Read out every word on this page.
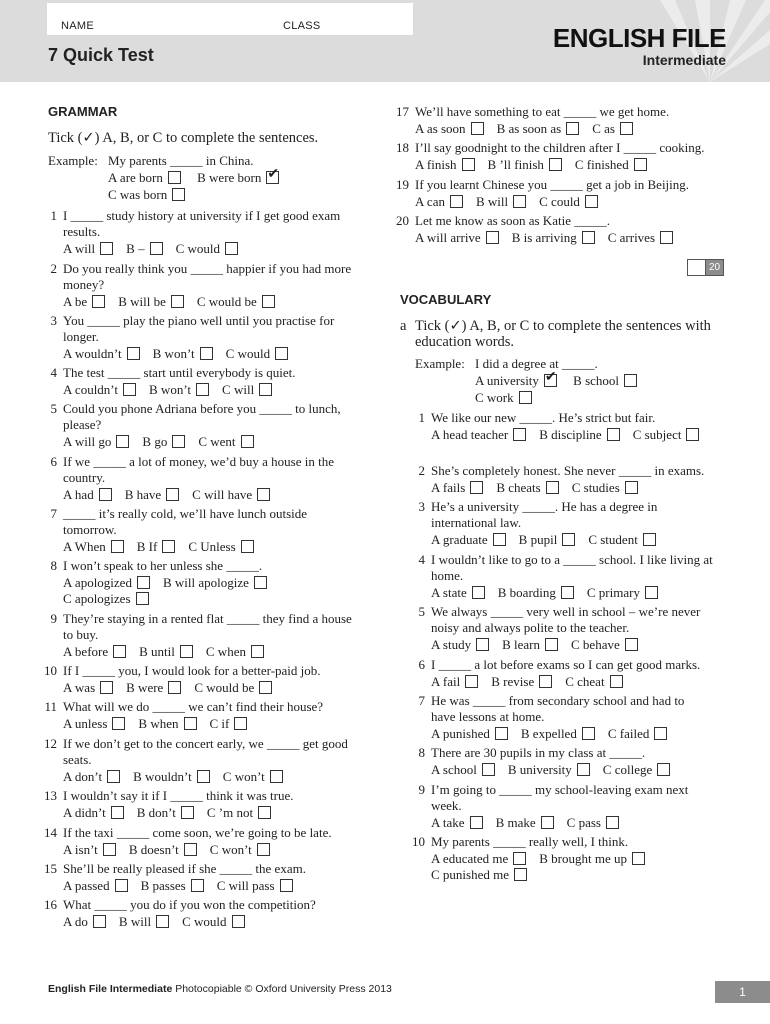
NAME	CLASS
7 Quick Test
ENGLISH FILE
Intermediate
GRAMMAR
Tick (✓) A, B, or C to complete the sentences.
Example: My parents _____ in China.
A are born	B were born✔
C was born
1 I _____ study history at university if I get good exam
results.
A will B – C would
2 Do you really think you _____ happier if you had more
money?
A be B will be C would be
3 You _____ play the piano well until you practise for
longer.
A wouldn’t B won’t C would
4 The test _____ start until everybody is quiet.
A couldn’t B won’t C will
5 Could you phone Adriana before you _____ to lunch,
please?
A will go B go C went
6 If we _____ a lot of money, we’d buy a house in the
country.
A had B have C will have
7 _____ it’s really cold, we’ll have lunch outside
tomorrow.
A When B If C Unless
8 I won’t speak to her unless she _____.
A apologized B will apologize
C apologizes
9 They’re staying in a rented flat _____ they find a house
to buy.
A before B until C when
10 If I _____ you, I would look for a better-paid job.
A was B were C would be
11 What will we do _____ we can’t find their house?
A unless B when C if
12 If we don’t get to the concert early, we _____ get good
seats.
A don’t B wouldn’t C won’t
13 I wouldn’t say it if I _____ think it was true.
A didn’t B don’t C ’m not
14 If the taxi _____ come soon, we’re going to be late.
A isn’t B doesn’t C won’t
15 She’ll be really pleased if she _____ the exam.
A passed B passes C will pass
16 What _____ you do if you won the competition?
A do B will C would
17 We’ll have something to eat _____ we get home.
A as soon B as soon as C as
18 I’ll say goodnight to the children after I _____ cooking.
A finish B ’ll finish C finished
19 If you learnt Chinese you _____ get a job in Beijing.
A can B will C could
20 Let me know as soon as Katie _____.
A will arrive B is arriving C arrives
20
VOCABULARY
a Tick (✓) A, B, or C to complete the sentences with
education words.
Example: I did a degree at _____.
A university✔	B school
C work
1 We like our new _____. He’s strict but fair.
A head teacher B discipline C subject
2 She’s completely honest. She never _____ in exams.
A fails B cheats C studies
3 He’s a university _____. He has a degree in
international law.
A graduate B pupil C student
4 I wouldn’t like to go to a _____ school. I like living at
home.
A state B boarding C primary
5 We always _____ very well in school – we’re never
noisy and always polite to the teacher.
A study B learn C behave
6 I _____ a lot before exams so I can get good marks.
A fail B revise C cheat
7 He was _____ from secondary school and had to
have lessons at home.
A punished B expelled C failed
8 There are 30 pupils in my class at _____.
A school B university C college
9 I’m going to _____ my school-leaving exam next
week.
A take B make C pass
10 My parents _____ really well, I think.
A educated me B brought me up
C punished me
English File Intermediate Photocopiable © Oxford University Press 2013	1
